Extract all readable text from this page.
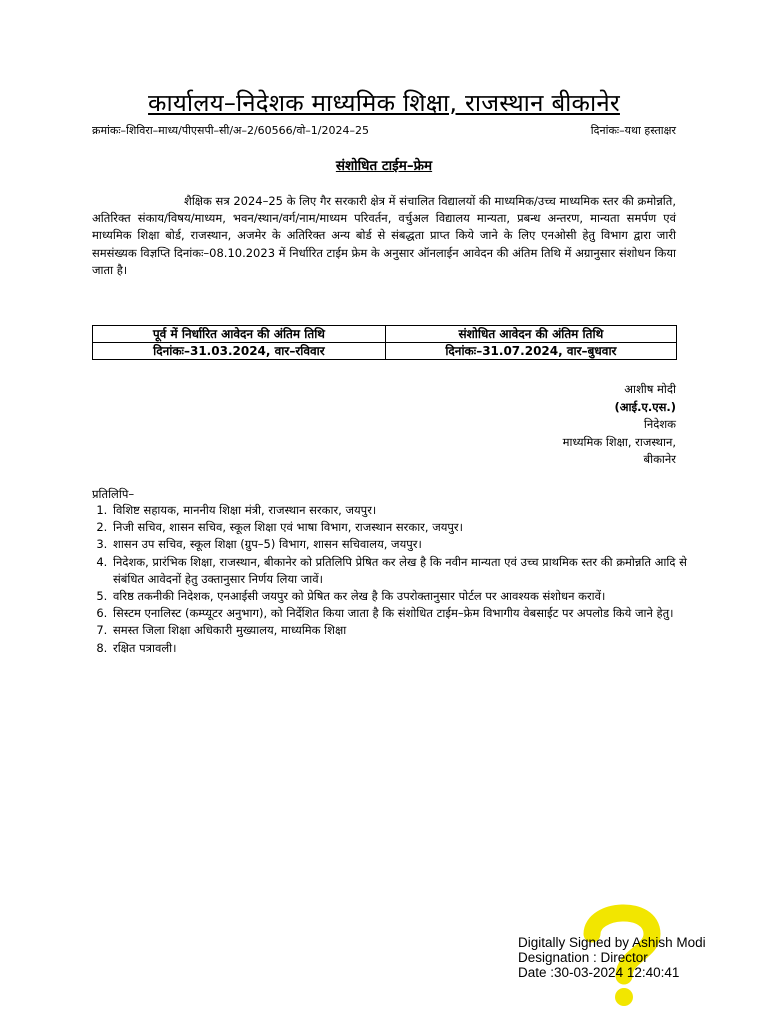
कार्यालय–निदेशक माध्यमिक शिक्षा, राजस्थान बीकानेर
क्रमांकः–शिविरा–माध्य/पीएसपी–सी/अ–2/60566/वो–1/2024–25	दिनांकः–यथा हस्ताक्षर
संशोधित टाईम–फ्रेम
शैक्षिक सत्र 2024–25 के लिए गैर सरकारी क्षेत्र में संचालित विद्यालयों की माध्यमिक/उच्च माध्यमिक स्तर की क्रमोन्नति, अतिरिक्त संकाय/विषय/माध्यम, भवन/स्थान/वर्ग/नाम/माध्यम परिवर्तन, वर्चुअल विद्यालय मान्यता, प्रबन्ध अन्तरण, मान्यता समर्पण एवं माध्यमिक शिक्षा बोर्ड, राजस्थान, अजमेर के अतिरिक्त अन्य बोर्ड से संबद्धता प्राप्त किये जाने के लिए एनओसी हेतु विभाग द्वारा जारी समसंख्यक विज्ञप्ति दिनांकः–08.10.2023 में निर्धारित टाईम फ्रेम के अनुसार ऑनलाईन आवेदन की अंतिम तिथि में अग्रानुसार संशोधन किया जाता है।
पूर्व में निर्धारित आवेदन की अंतिम तिथि	संशोधित आवेदन की अंतिम तिथि
दिनांकः–31.03.2024, वार–रविवार	दिनांकः–31.07.2024, वार–बुधवार
आशीष मोदी
(आई.ए.एस.)
निदेशक
माध्यमिक शिक्षा, राजस्थान,
बीकानेर
प्रतिलिपि–
1. विशिष्ट सहायक, माननीय शिक्षा मंत्री, राजस्थान सरकार, जयपुर।
2. निजी सचिव, शासन सचिव, स्कूल शिक्षा एवं भाषा विभाग, राजस्थान सरकार, जयपुर।
3. शासन उप सचिव, स्कूल शिक्षा (ग्रुप–5) विभाग, शासन सचिवालय, जयपुर।
4. निदेशक, प्रारंभिक शिक्षा, राजस्थान, बीकानेर को प्रतिलिपि प्रेषित कर लेख है कि नवीन मान्यता एवं उच्च प्राथमिक स्तर की क्रमोन्नति आदि से संबंधित आवेदनों हेतु उक्तानुसार निर्णय लिया जावें।
5. वरिष्ठ तकनीकी निदेशक, एनआईसी जयपुर को प्रेषित कर लेख है कि उपरोक्तानुसार पोर्टल पर आवश्यक संशोधन करावें।
6. सिस्टम एनालिस्ट (कम्प्यूटर अनुभाग), को निर्देशित किया जाता है कि संशोधित टाईम–फ्रेम विभागीय वेबसाईट पर अपलोड किये जाने हेतु।
7. समस्त जिला शिक्षा अधिकारी मुख्यालय, माध्यमिक शिक्षा
8. रक्षित पत्रावली।
Digitally Signed by Ashish Modi
Designation : Director
Date :30-03-2024 12:40:41
